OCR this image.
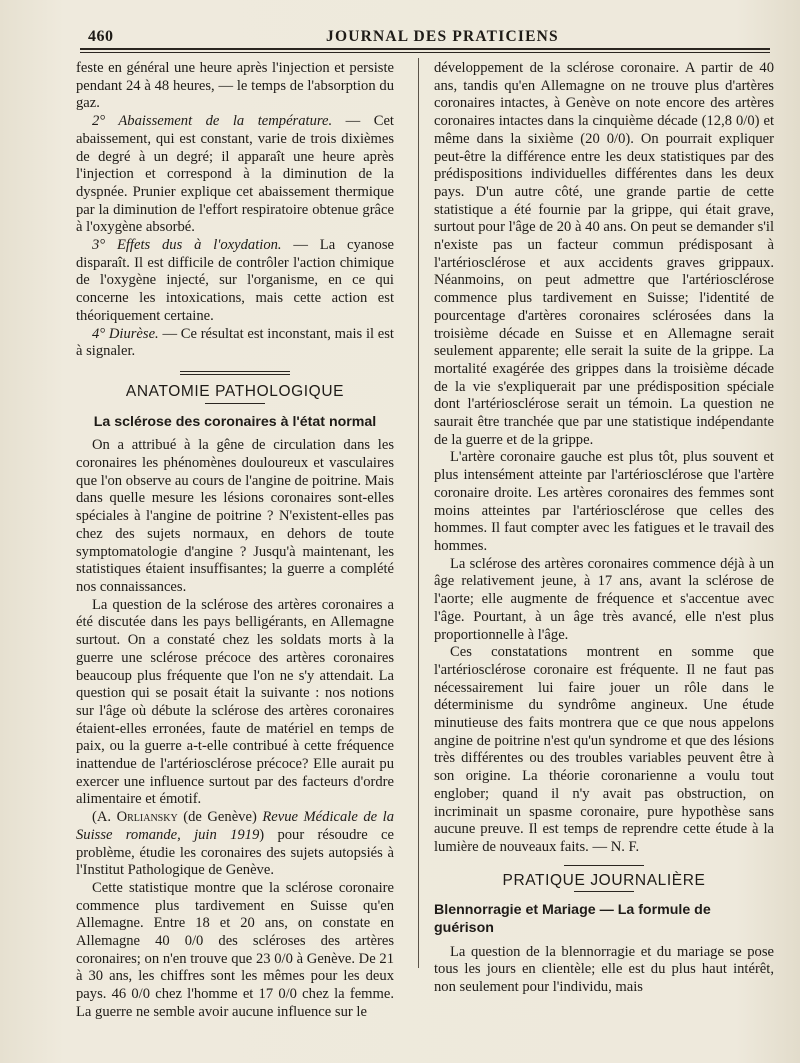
460	JOURNAL DES PRATICIENS

feste en général une heure après l'injection et persiste pendant 24 à 48 heures, — le temps de l'absorption du gaz.

2° Abaissement de la température. — Cet abaissement, qui est constant, varie de trois dixièmes de degré à un degré; il apparaît une heure après l'injection et correspond à la diminution de la dyspnée. Prunier explique cet abaissement thermique par la diminution de l'effort respiratoire obtenue grâce à l'oxygène absorbé.

3° Effets dus à l'oxydation. — La cyanose disparaît. Il est difficile de contrôler l'action chimique de l'oxygène injecté, sur l'organisme, en ce qui concerne les intoxications, mais cette action est théoriquement certaine.

4° Diurèse. — Ce résultat est inconstant, mais il est à signaler.

ANATOMIE PATHOLOGIQUE
La sclérose des coronaires à l'état normal

On a attribué à la gêne de circulation dans les coronaires les phénomènes douloureux et vasculaires que l'on observe au cours de l'angine de poitrine. Mais dans quelle mesure les lésions coronaires sont-elles spéciales à l'angine de poitrine ? N'existent-elles pas chez des sujets normaux, en dehors de toute symptomatologie d'angine ? Jusqu'à maintenant, les statistiques étaient insuffisantes; la guerre a complété nos connaissances.

La question de la sclérose des artères coronaires a été discutée dans les pays belligérants, en Allemagne surtout. On a constaté chez les soldats morts à la guerre une sclérose précoce des artères coronaires beaucoup plus fréquente que l'on ne s'y attendait. La question qui se posait était la suivante : nos notions sur l'âge où débute la sclérose des artères coronaires étaient-elles erronées, faute de matériel en temps de paix, ou la guerre a-t-elle contribué à cette fréquence inattendue de l'artériosclérose précoce? Elle aurait pu exercer une influence surtout par des facteurs d'ordre alimentaire et émotif.

(A. Orliansky (de Genève) Revue Médicale de la Suisse romande, juin 1919) pour résoudre ce problème, étudie les coronaires des sujets autopsiés à l'Institut Pathologique de Genève.

Cette statistique montre que la sclérose coronaire commence plus tardivement en Suisse qu'en Allemagne. Entre 18 et 20 ans, on constate en Allemagne 40 0/0 des scléroses des artères coronaires; on n'en trouve que 23 0/0 à Genève. De 21 à 30 ans, les chiffres sont les mêmes pour les deux pays. 46 0/0 chez l'homme et 17 0/0 chez la femme. La guerre ne semble avoir aucune influence sur le

développement de la sclérose coronaire. A partir de 40 ans, tandis qu'en Allemagne on ne trouve plus d'artères coronaires intactes, à Genève on note encore des artères coronaires intactes dans la cinquième décade (12,8 0/0) et même dans la sixième (20 0/0). On pourrait expliquer peut-être la différence entre les deux statistiques par des prédispositions individuelles différentes dans les deux pays. D'un autre côté, une grande partie de cette statistique a été fournie par la grippe, qui était grave, surtout pour l'âge de 20 à 40 ans. On peut se demander s'il n'existe pas un facteur commun prédisposant à l'artériosclérose et aux accidents graves grippaux. Néanmoins, on peut admettre que l'artériosclérose commence plus tardivement en Suisse; l'identité de pourcentage d'artères coronaires sclérosées dans la troisième décade en Suisse et en Allemagne serait seulement apparente; elle serait la suite de la grippe. La mortalité exagérée des grippes dans la troisième décade de la vie s'expliquerait par une prédisposition spéciale dont l'artériosclérose serait un témoin. La question ne saurait être tranchée que par une statistique indépendante de la guerre et de la grippe.

L'artère coronaire gauche est plus tôt, plus souvent et plus intensément atteinte par l'artériosclérose que l'artère coronaire droite. Les artères coronaires des femmes sont moins atteintes par l'artériosclérose que celles des hommes. Il faut compter avec les fatigues et le travail des hommes.

La sclérose des artères coronaires commence déjà à un âge relativement jeune, à 17 ans, avant la sclérose de l'aorte; elle augmente de fréquence et s'accentue avec l'âge. Pourtant, à un âge très avancé, elle n'est plus proportionnelle à l'âge.

Ces constatations montrent en somme que l'artériosclérose coronaire est fréquente. Il ne faut pas nécessairement lui faire jouer un rôle dans le déterminisme du syndrôme angineux. Une étude minutieuse des faits montrera que ce que nous appelons angine de poitrine n'est qu'un syndrome et que des lésions très différentes ou des troubles variables peuvent être à son origine. La théorie coronarienne a voulu tout englober; quand il n'y avait pas obstruction, on incriminait un spasme coronaire, pure hypothèse sans aucune preuve. Il est temps de reprendre cette étude à la lumière de nouveaux faits. — N. F.

PRATIQUE JOURNALIÈRE
Blennorragie et Mariage — La formule de guérison

La question de la blennorragie et du mariage se pose tous les jours en clientèle; elle est du plus haut intérêt, non seulement pour l'individu, mais
